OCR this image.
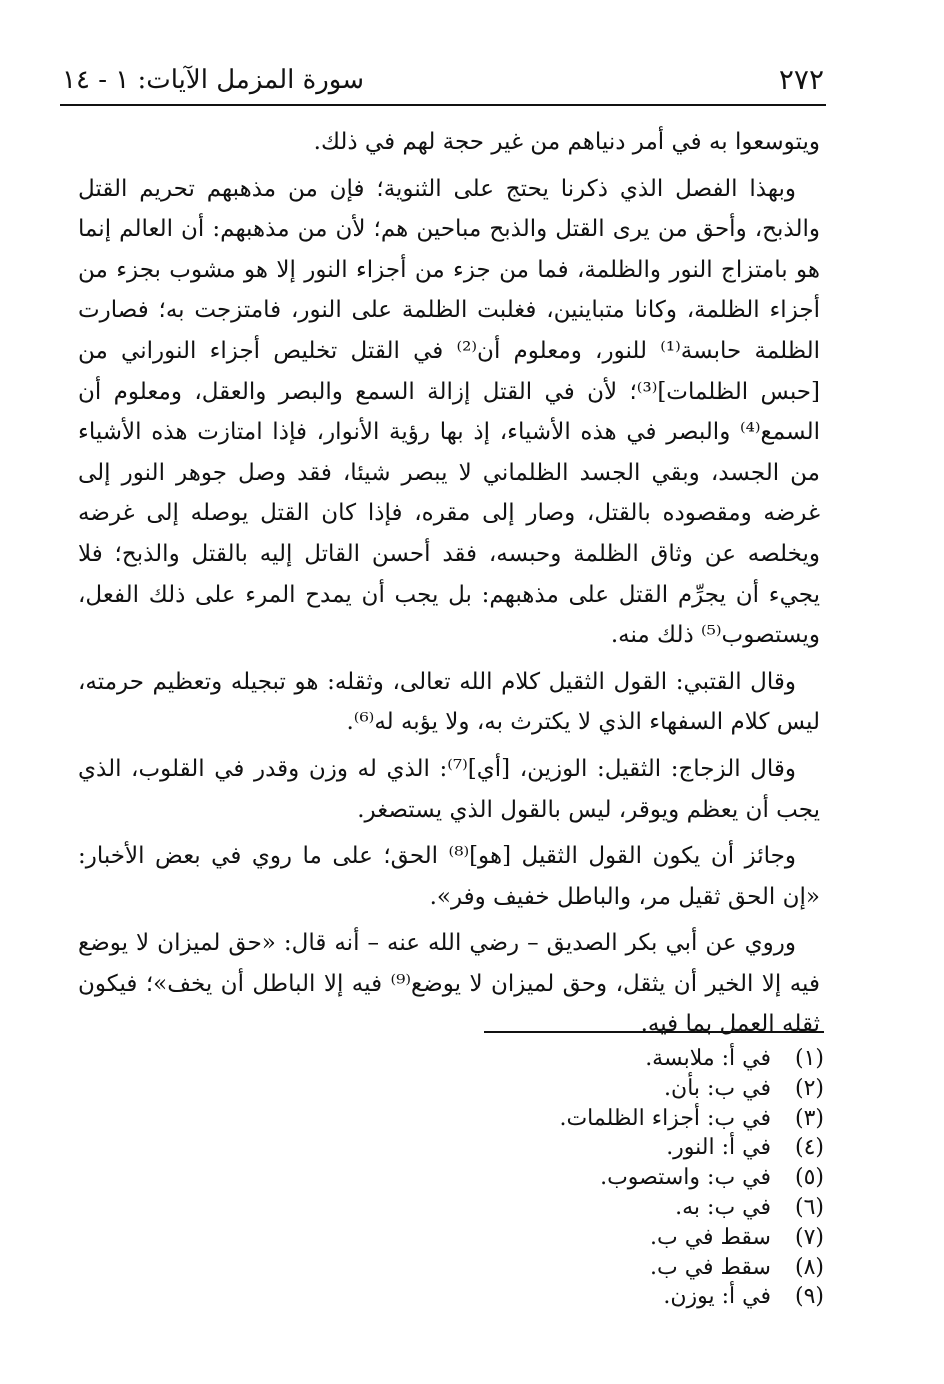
٢٧٢
سورة المزمل الآيات: ١ - ١٤

ويتوسعوا به في أمر دنياهم من غير حجة لهم في ذلك.

وبهذا الفصل الذي ذكرنا يحتج على الثنوية؛ فإن من مذهبهم تحريم القتل والذبح، وأحق من يرى القتل والذبح مباحين هم؛ لأن من مذهبهم: أن العالم إنما هو بامتزاج النور والظلمة، فما من جزء من أجزاء النور إلا هو مشوب بجزء من أجزاء الظلمة، وكانا متباينين، فغلبت الظلمة على النور، فامتزجت به؛ فصارت الظلمة حابسة⁽¹⁾ للنور، ومعلوم أن⁽²⁾ في القتل تخليص أجزاء النوراني من [حبس الظلمات]⁽³⁾؛ لأن في القتل إزالة السمع والبصر والعقل، ومعلوم أن السمع⁽⁴⁾ والبصر في هذه الأشياء، إذ بها رؤية الأنوار، فإذا امتازت هذه الأشياء من الجسد، وبقي الجسد الظلماني لا يبصر شيئا، فقد وصل جوهر النور إلى غرضه ومقصوده بالقتل، وصار إلى مقره، فإذا كان القتل يوصله إلى غرضه ويخلصه عن وثاق الظلمة وحبسه، فقد أحسن القاتل إليه بالقتل والذبح؛ فلا يجيء أن يجرِّم القتل على مذهبهم: بل يجب أن يمدح المرء على ذلك الفعل، ويستصوب⁽⁵⁾ ذلك منه.

وقال القتبي: القول الثقيل كلام الله تعالى، وثقله: هو تبجيله وتعظيم حرمته، ليس كلام السفهاء الذي لا يكترث به، ولا يؤبه له⁽⁶⁾.

وقال الزجاج: الثقيل: الوزين، [أي]⁽⁷⁾: الذي له وزن وقدر في القلوب، الذي يجب أن يعظم ويوقر، ليس بالقول الذي يستصغر.

وجائز أن يكون القول الثقيل [هو]⁽⁸⁾ الحق؛ على ما روي في بعض الأخبار: «إن الحق ثقيل مر، والباطل خفيف وفر».

وروي عن أبي بكر الصديق – رضي الله عنه – أنه قال: «حق لميزان لا يوضع فيه إلا الخير أن يثقل، وحق لميزان لا يوضع⁽⁹⁾ فيه إلا الباطل أن يخف»؛ فيكون ثقله العمل بما فيه.

(١) في أ: ملابسة.
(٢) في ب: بأن.
(٣) في ب: أجزاء الظلمات.
(٤) في أ: النور.
(٥) في ب: واستصوب.
(٦) في ب: به.
(٧) سقط في ب.
(٨) سقط في ب.
(٩) في أ: يوزن.
